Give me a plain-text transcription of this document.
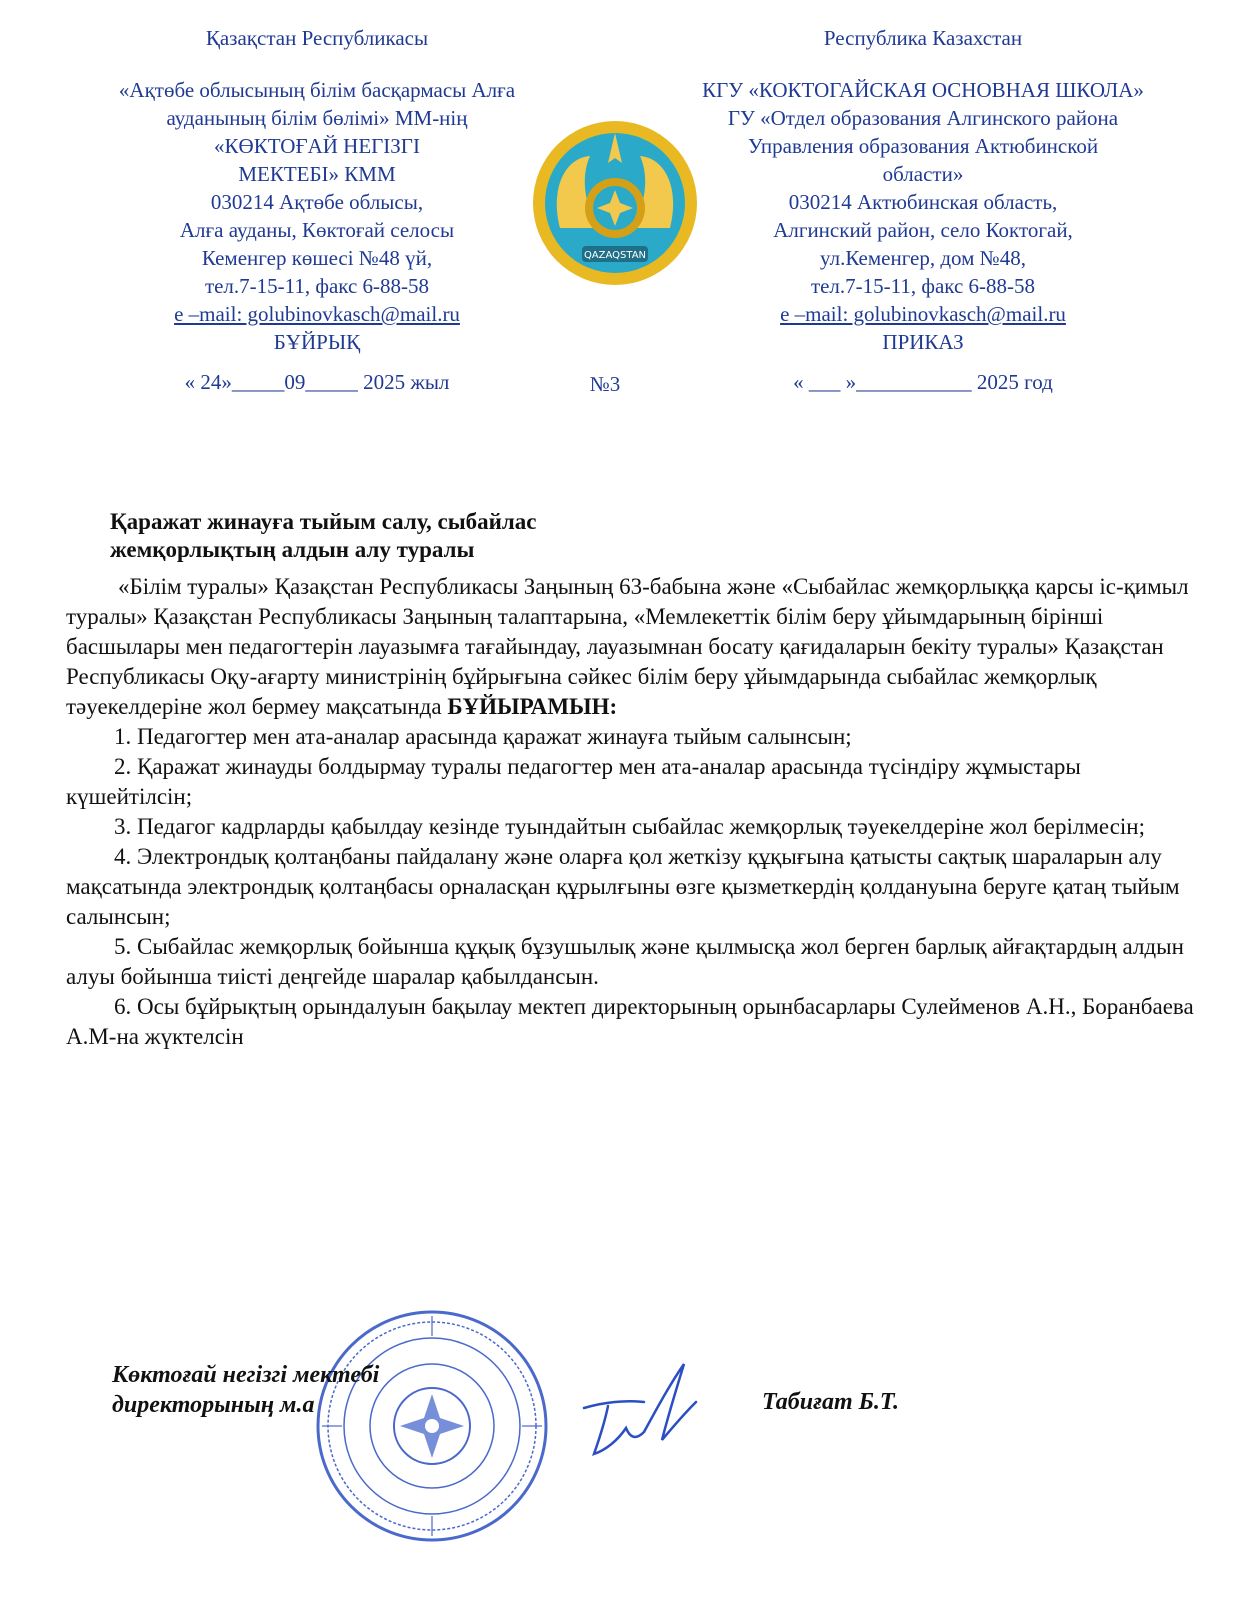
Қазақстан Республикасы
«Ақтөбе облысының білім басқармасы Алға
ауданының білім бөлімі» ММ-нің
«КӨКТОҒАЙ НЕГІЗГІ
МЕКТЕБІ» КММ
030214 Ақтөбе облысы,
Алға ауданы, Көктоғай селосы
Кеменгер көшесі №48 үй,
тел.7-15-11, факс 6-88-58
e –mail: golubinovkasch@mail.ru
БҰЙРЫҚ
« 24»_____09_____ 2025 жыл
QAZAQSTAN
Республика Казахстан
КГУ «КОКТОГАЙСКАЯ ОСНОВНАЯ ШКОЛА»
ГУ «Отдел образования Алгинского района
Управления образования Актюбинской
области»
030214 Актюбинская область,
Алгинский район, село Коктогай,
ул.Кеменгер, дом №48,
тел.7-15-11, факс 6-88-58
e –mail: golubinovkasch@mail.ru
ПРИКАЗ
« ___ »___________ 2025 год
№3
Қаражат жинауға тыйым салу, сыбайлас
жемқорлықтың алдын алу туралы

«Білім туралы» Қазақстан Республикасы Заңының 63-бабына және «Сыбайлас жемқорлыққа қарсы іс-қимыл туралы» Қазақстан Республикасы Заңының талаптарына, «Мемлекеттік білім беру ұйымдарының бірінші басшылары мен педагогтерін лауазымға тағайындау, лауазымнан босату қағидаларын бекіту туралы» Қазақстан Республикасы Оқу-ағарту министрінің бұйрығына сәйкес білім беру ұйымдарында сыбайлас жемқорлық тәуекелдеріне жол бермеу мақсатында БҰЙЫРАМЫН:

1. Педагогтер мен ата-аналар арасында қаражат жинауға тыйым салынсын;

2. Қаражат жинауды болдырмау туралы педагогтер мен ата-аналар арасында түсіндіру жұмыстары күшейтілсін;

3. Педагог кадрларды қабылдау кезінде туындайтын сыбайлас жемқорлық тәуекелдеріне жол берілмесін;

4. Электрондық қолтаңбаны пайдалану және оларға қол жеткізу құқығына қатысты сақтық шараларын алу мақсатында электрондық қолтаңбасы орналасқан құрылғыны өзге қызметкердің қолдануына беруге қатаң тыйым салынсын;

5. Сыбайлас жемқорлық бойынша құқық бұзушылық және қылмысқа жол берген барлық айғақтардың алдын алуы бойынша тиісті деңгейде шаралар қабылдансын.

6. Осы бұйрықтың орындалуын бақылау мектеп директорының орынбасарлары Сулейменов А.Н., Боранбаева А.М-на жүктелсін

Көктоғай негізгі мектебі
директорының м.а	Табиғат Б.Т.
